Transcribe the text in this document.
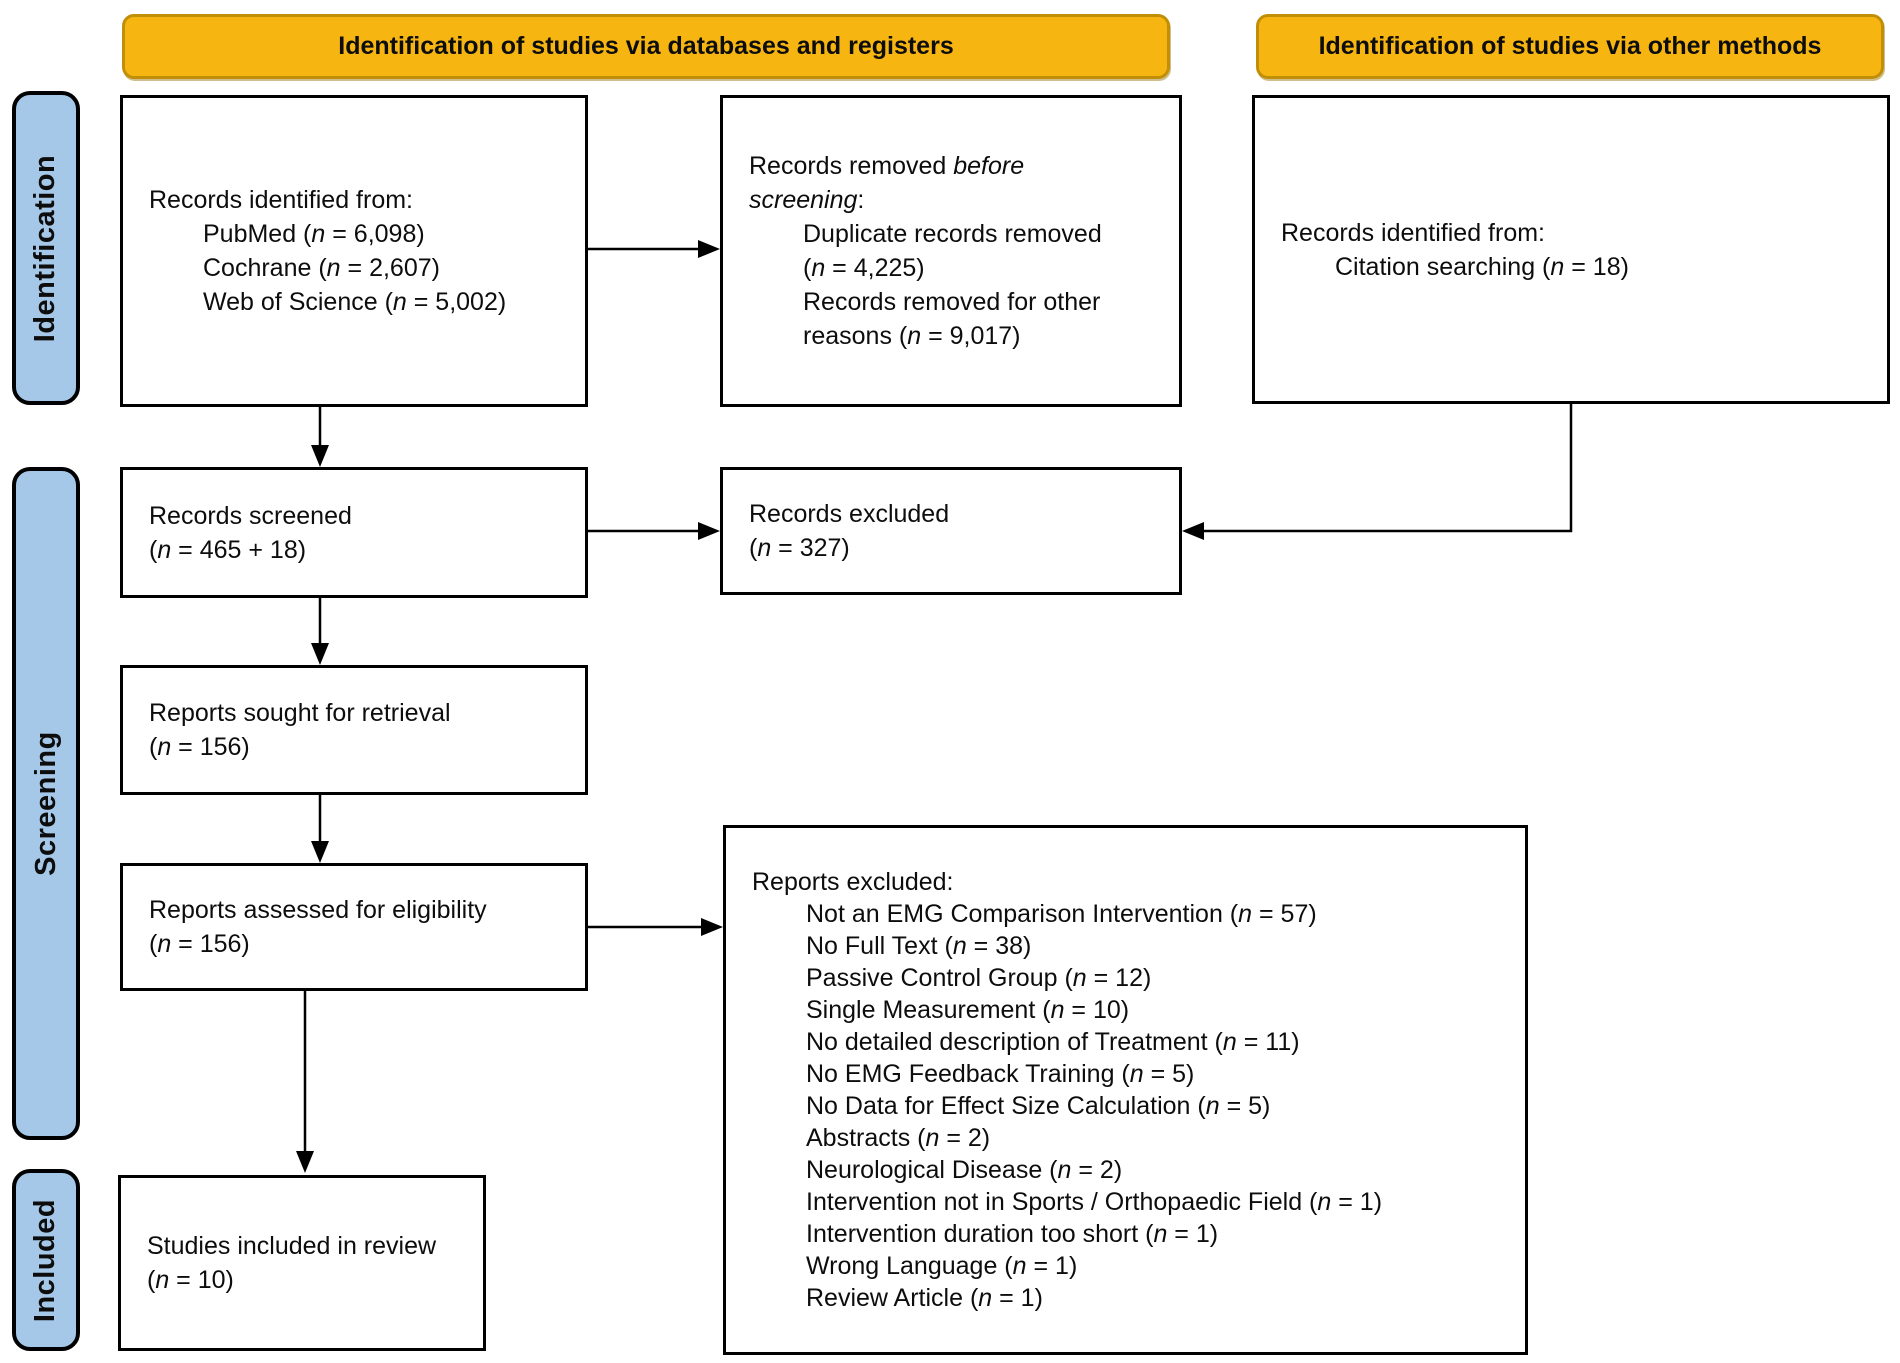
Identification of studies via databases and registers	Identification of studies via other methods
Identification
Screening
Included
Records identified from:
PubMed (n = 6,098)
Cochrane (n = 2,607)
Web of Science (n = 5,002)
Records removed before
screening:
Duplicate records removed
(n = 4,225)
Records removed for other
reasons (n = 9,017)
Records identified from:
Citation searching (n = 18)
Records screened
(n = 465 + 18)
Records excluded
(n = 327)
Reports sought for retrieval
(n = 156)
Reports assessed for eligibility
(n = 156)
Reports excluded:
Not an EMG Comparison Intervention (n = 57)
No Full Text (n = 38)
Passive Control Group (n = 12)
Single Measurement (n = 10)
No detailed description of Treatment (n = 11)
No EMG Feedback Training (n = 5)
No Data for Effect Size Calculation (n = 5)
Abstracts (n = 2)
Neurological Disease (n = 2)
Intervention not in Sports / Orthopaedic Field (n = 1)
Intervention duration too short (n = 1)
Wrong Language (n = 1)
Review Article (n = 1)
Studies included in review
(n = 10)
